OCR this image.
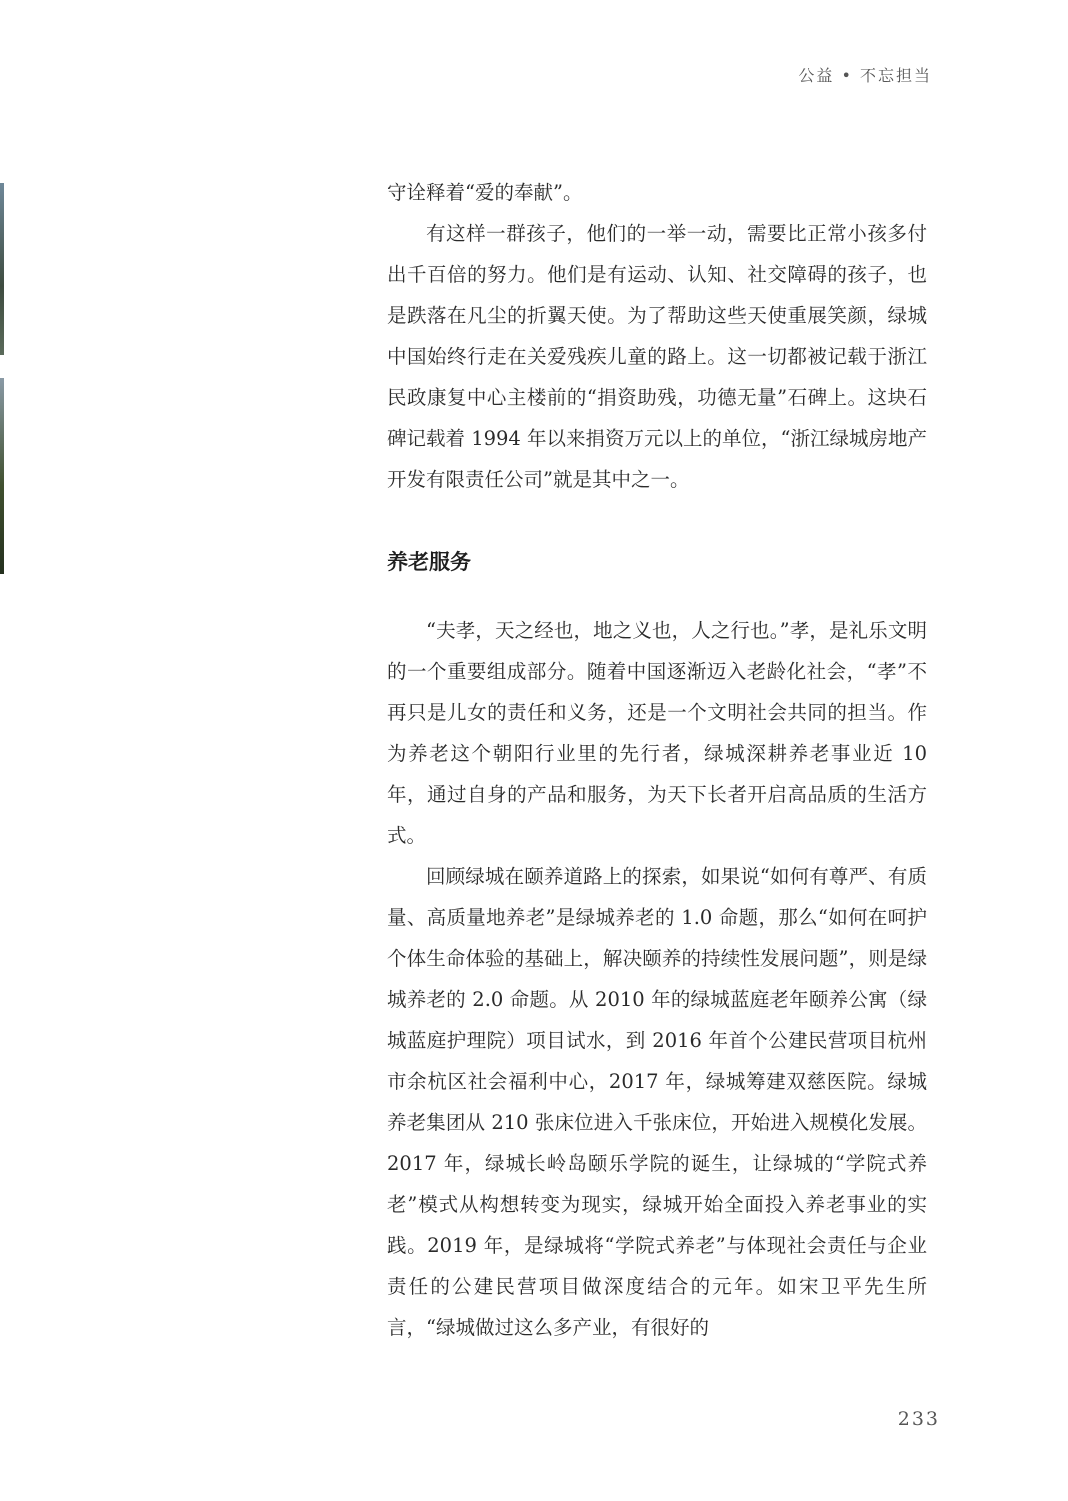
公益 • 不忘担当

守诠释着“爱的奉献”。

有这样一群孩子，他们的一举一动，需要比正常小孩多付出千百倍的努力。他们是有运动、认知、社交障碍的孩子，也是跌落在凡尘的折翼天使。为了帮助这些天使重展笑颜，绿城中国始终行走在关爱残疾儿童的路上。这一切都被记载于浙江民政康复中心主楼前的“捐资助残，功德无量”石碑上。这块石碑记载着 1994 年以来捐资万元以上的单位，“浙江绿城房地产开发有限责任公司”就是其中之一。

养老服务

“夫孝，天之经也，地之义也，人之行也。”孝，是礼乐文明的一个重要组成部分。随着中国逐渐迈入老龄化社会，“孝”不再只是儿女的责任和义务，还是一个文明社会共同的担当。作为养老这个朝阳行业里的先行者，绿城深耕养老事业近 10 年，通过自身的产品和服务，为天下长者开启高品质的生活方式。

回顾绿城在颐养道路上的探索，如果说“如何有尊严、有质量、高质量地养老”是绿城养老的 1.0 命题，那么“如何在呵护个体生命体验的基础上，解决颐养的持续性发展问题”，则是绿城养老的 2.0 命题。从 2010 年的绿城蓝庭老年颐养公寓（绿城蓝庭护理院）项目试水，到 2016 年首个公建民营项目杭州市余杭区社会福利中心，2017 年，绿城筹建双慈医院。绿城养老集团从 210 张床位进入千张床位，开始进入规模化发展。2017 年，绿城长岭岛颐乐学院的诞生，让绿城的“学院式养老”模式从构想转变为现实，绿城开始全面投入养老事业的实践。2019 年，是绿城将“学院式养老”与体现社会责任与企业责任的公建民营项目做深度结合的元年。如宋卫平先生所言，“绿城做过这么多产业，有很好的

233
